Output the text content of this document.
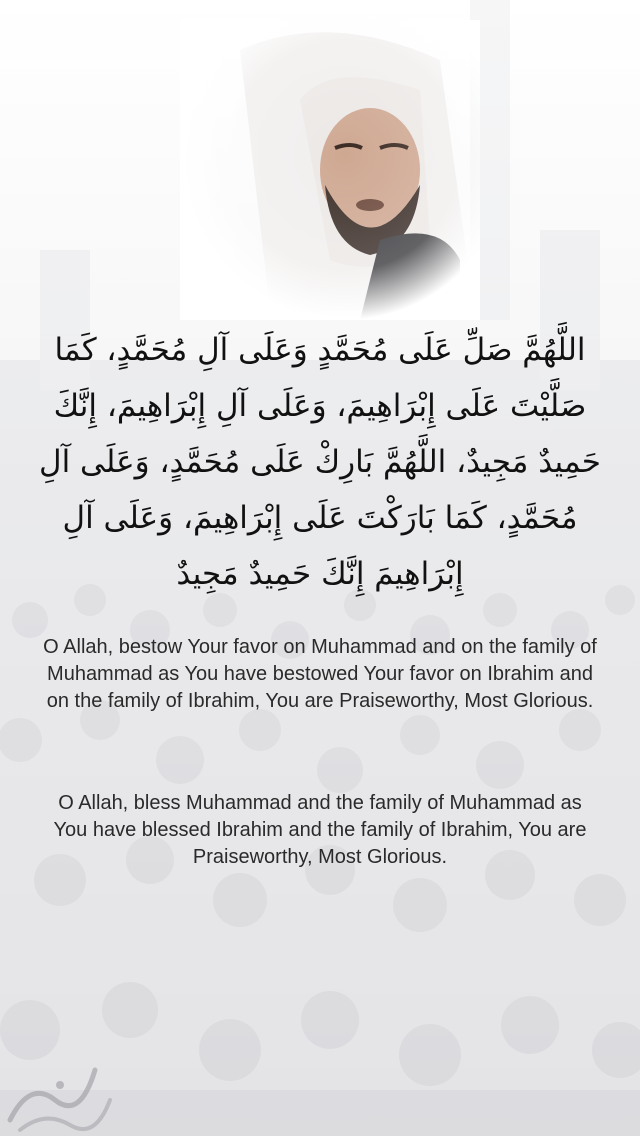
اللَّهُمَّ صَلِّ عَلَى مُحَمَّدٍ وَعَلَى آلِ مُحَمَّدٍ، كَمَا صَلَّيْتَ عَلَى إِبْرَاهِيمَ، وَعَلَى آلِ إِبْرَاهِيمَ، إِنَّكَ حَمِيدٌ مَجِيدٌ، اللَّهُمَّ بَارِكْ عَلَى مُحَمَّدٍ، وَعَلَى آلِ مُحَمَّدٍ، كَمَا بَارَكْتَ عَلَى إِبْرَاهِيمَ، وَعَلَى آلِ إِبْرَاهِيمَ إِنَّكَ حَمِيدٌ مَجِيدٌ
O Allah, bestow Your favor on Muhammad and on the family of Muhammad as You have bestowed Your favor on Ibrahim and on the family of Ibrahim, You are Praiseworthy, Most Glorious.
O Allah, bless Muhammad and the family of Muhammad as You have blessed Ibrahim and the family of Ibrahim, You are Praiseworthy, Most Glorious.
